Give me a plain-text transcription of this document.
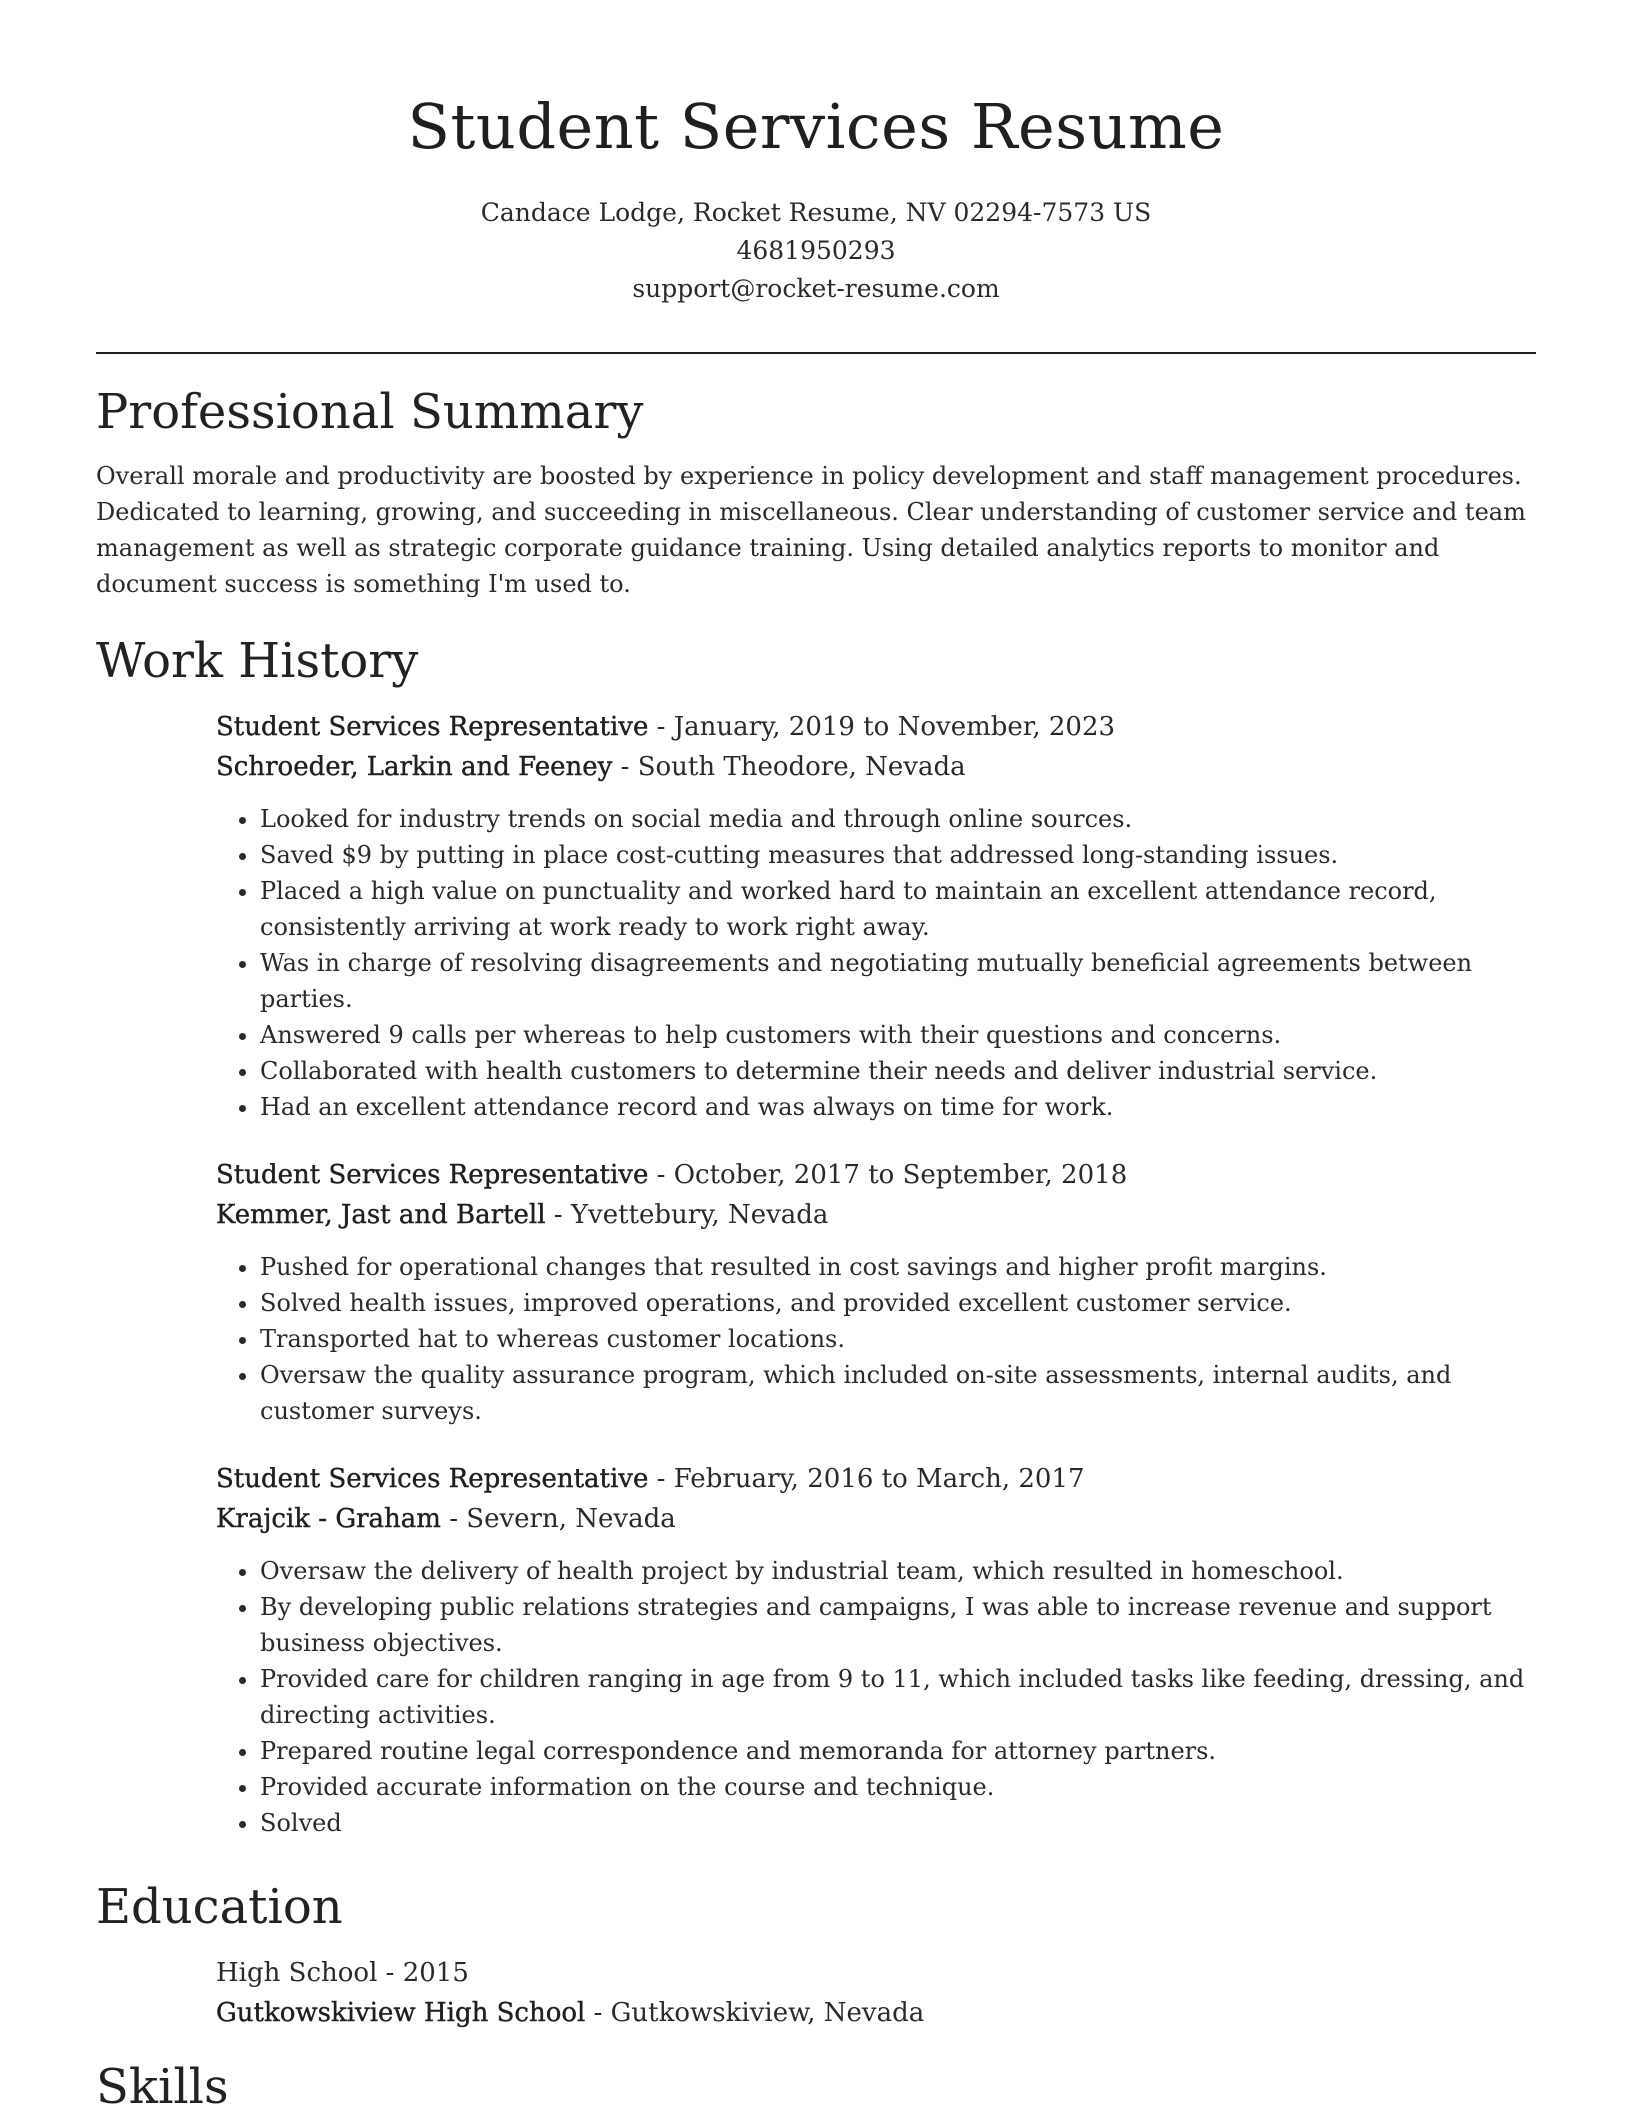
Student Services Resume
Candace Lodge, Rocket Resume, NV 02294-7573 US
4681950293
support@rocket-resume.com
Professional Summary

Overall morale and productivity are boosted by experience in policy development and staff management procedures. Dedicated to learning, growing, and succeeding in miscellaneous. Clear understanding of customer service and team management as well as strategic corporate guidance training. Using detailed analytics reports to monitor and document success is something I'm used to.

Work History

Student Services Representative - January, 2019 to November, 2023

Schroeder, Larkin and Feeney - South Theodore, Nevada

• Looked for industry trends on social media and through online sources.
• Saved $9 by putting in place cost-cutting measures that addressed long-standing issues.
• Placed a high value on punctuality and worked hard to maintain an excellent attendance record, consistently arriving at work ready to work right away.
• Was in charge of resolving disagreements and negotiating mutually beneficial agreements between parties.
• Answered 9 calls per whereas to help customers with their questions and concerns.
• Collaborated with health customers to determine their needs and deliver industrial service.
• Had an excellent attendance record and was always on time for work.

Student Services Representative - October, 2017 to September, 2018

Kemmer, Jast and Bartell - Yvettebury, Nevada

• Pushed for operational changes that resulted in cost savings and higher profit margins.
• Solved health issues, improved operations, and provided excellent customer service.
• Transported hat to whereas customer locations.
• Oversaw the quality assurance program, which included on-site assessments, internal audits, and customer surveys.

Student Services Representative - February, 2016 to March, 2017

Krajcik - Graham - Severn, Nevada

• Oversaw the delivery of health project by industrial team, which resulted in homeschool.
• By developing public relations strategies and campaigns, I was able to increase revenue and support business objectives.
• Provided care for children ranging in age from 9 to 11, which included tasks like feeding, dressing, and directing activities.
• Prepared routine legal correspondence and memoranda for attorney partners.
• Provided accurate information on the course and technique.
• Solved
Education

High School - 2015

Gutkowskiview High School - Gutkowskiview, Nevada

Skills
